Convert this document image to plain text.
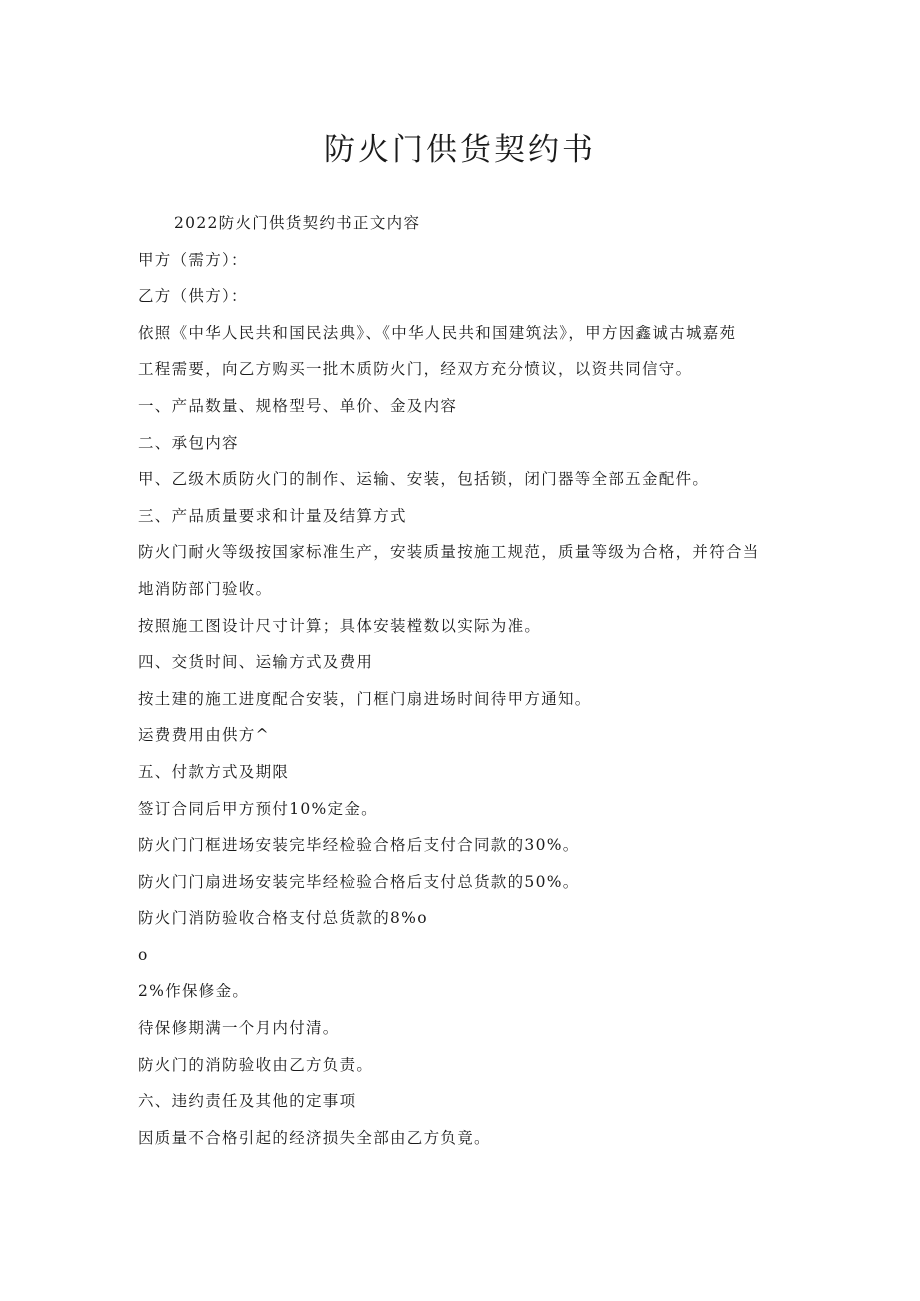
防火门供货契约书

2022防火门供货契约书正文内容

甲方（需方）：

乙方（供方）：

依照《中华人民共和国民法典》、《中华人民共和国建筑法》，甲方因鑫诚古城嘉苑

工程需要，向乙方购买一批木质防火门，经双方充分愤议，以资共同信守。

一、产品数量、规格型号、单价、金及内容

二、承包内容

甲、乙级木质防火门的制作、运输、安装，包括锁，闭门器等全部五金配件。

三、产品质量要求和计量及结算方式

防火门耐火等级按国家标准生产，安装质量按施工规范，质量等级为合格，并符合当

地消防部门验收。

按照施工图设计尺寸计算；具体安装樘数以实际为准。

四、交货时间、运输方式及费用

按土建的施工进度配合安装，门框门扇进场时间待甲方通知。

运费费用由供方^

五、付款方式及期限

签订合同后甲方预付10%定金。

防火门门框进场安装完毕经检验合格后支付合同款的30%。

防火门门扇进场安装完毕经检验合格后支付总货款的50%。

防火门消防验收合格支付总货款的8%o

o

2%作保修金。

待保修期满一个月内付清。

防火门的消防验收由乙方负责。

六、违约责任及其他的定事项

因质量不合格引起的经济损失全部由乙方负竟。
